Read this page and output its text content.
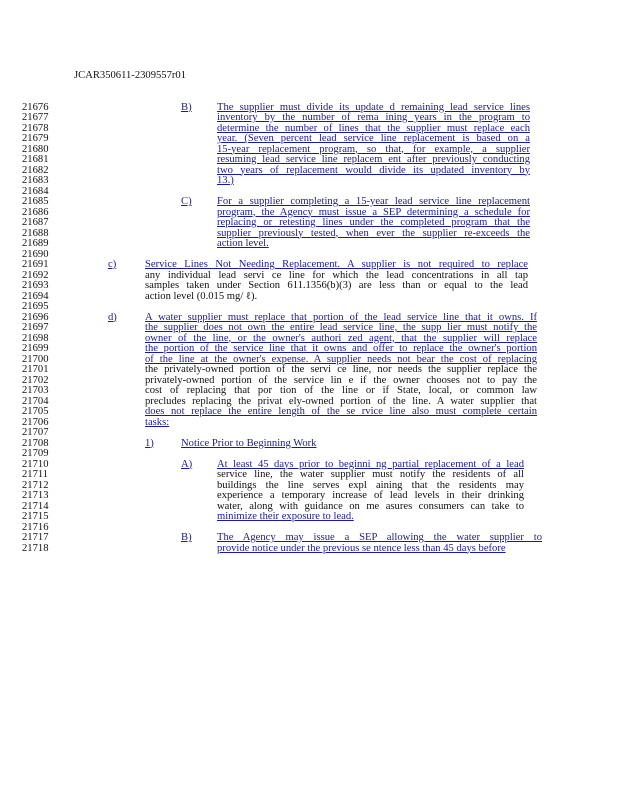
JCAR350611-2309557r01
21676
21677
21678
21679
21680
21681
21682
21683
21684
21685
21686
21687
21688
21689
21690
21691
21692
21693
21694
21695
21696
21697
21698
21699
21700
21701
21702
21703
21704
21705
21706
21707
21708
21709
21710
21711
21712
21713
21714
21715
21716
21717
21718
B) The supplier must divide its update d remaining lead service lines
inventory by the number of rema ining years in the program to
determine the number of lines that the supplier must replace each
year. (Seven percent lead service line replacement is based on a
15-year replacement program, so that, for example, a supplier
resuming lead service line replacem ent after previously conducting
two years of replacement would divide its updated inventory by
13.)
C) For a supplier completing a 15-year lead service line replacement
program, the Agency must issue a SEP determining a schedule for
replacing or retesting lines under the completed program that the
supplier previously tested, when ever the supplier re-exceeds the
action level.
c)	Service Lines Not Needing Replacement. A supplier is not required to replace
any individual lead servi ce line for which the lead concentrations in all tap
samples taken under Section 611.1356(b)(3) are less than or equal to the lead
action level (0.015 mg/ ℓ).
d)	A water supplier must replace that portion of the lead service line that it owns. If
the supplier does not own the entire lead service line, the supp lier must notify the
owner of the line, or the owner's authori zed agent, that the supplier will replace
the portion of the service line that it owns and offer to replace the owner's portion
of the line at the owner's expense. A supplier needs not bear the cost of replacing
the privately-owned portion of the servi ce line, nor needs the supplier replace the
privately-owned portion of the service lin e if the owner chooses not to pay the
cost of replacing that por tion of the line or if State, local, or common law
precludes replacing the privat ely-owned portion of the line. A water supplier that
does not replace the entire length of the se rvice line also must complete certain
tasks:
1)	Notice Prior to Beginning Work
A) At least 45 days prior to beginni ng partial replacement of a lead
service line, the water supplier must notify the residents of all
buildings the line serves expl aining that the residents may
experience a temporary increase of lead levels in their drinking
water, along with guidance on me asures consumers can take to
minimize their exposure to lead.
B) The Agency may issue a SEP allowing the water supplier to
provide notice under the previous se ntence less than 45 days before
